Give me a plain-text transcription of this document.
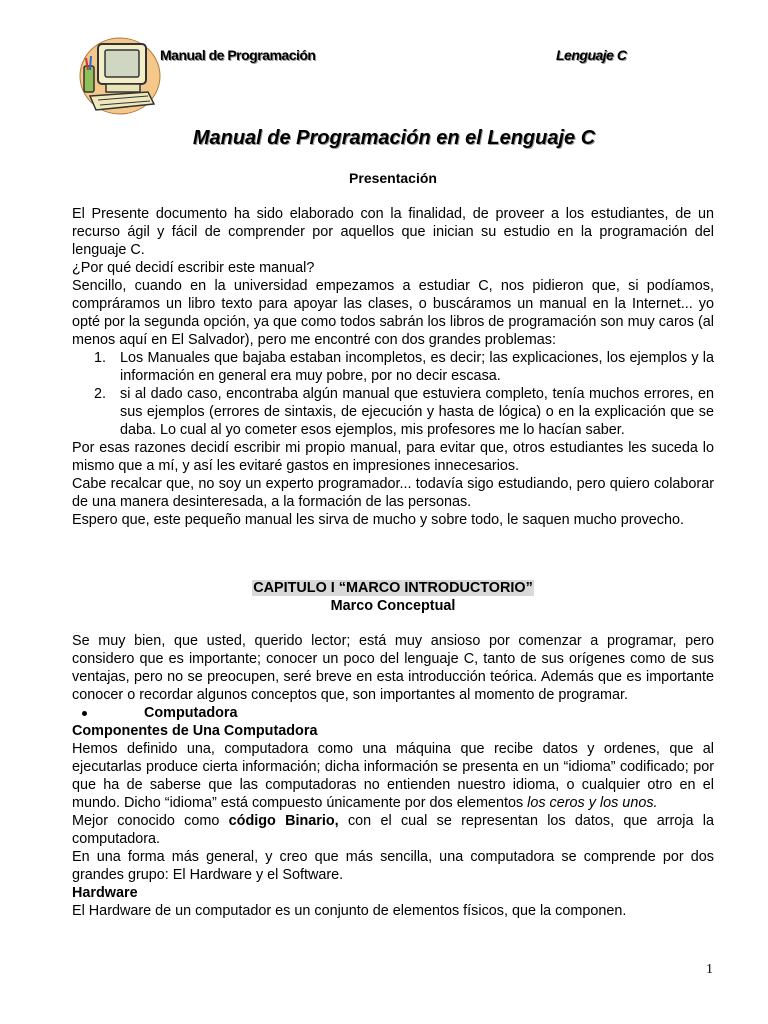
Manual de Programación	Lenguaje C
Manual de Programación en el Lenguaje C
Presentación

El Presente documento ha sido elaborado con la finalidad, de proveer a los estudiantes, de un recurso ágil y fácil de comprender por aquellos que inician su estudio en la programación del lenguaje C.

¿Por qué decidí escribir este manual?

Sencillo, cuando en la universidad empezamos a estudiar C, nos pidieron que, si podíamos, compráramos un libro texto para apoyar las clases, o buscáramos un manual en la Internet... yo opté por la segunda opción, ya que como todos sabrán los libros de programación son muy caros (al menos aquí en El Salvador), pero me encontré con dos grandes problemas:

1. Los Manuales que bajaba estaban incompletos, es decir; las explicaciones, los ejemplos y la información en general era muy pobre, por no decir escasa.
2. si al dado caso, encontraba algún manual que estuviera completo, tenía muchos errores, en sus ejemplos (errores de sintaxis, de ejecución y hasta de lógica) o en la explicación que se daba. Lo cual al yo cometer esos ejemplos, mis profesores me lo hacían saber.

Por esas razones decidí escribir mi propio manual, para evitar que, otros estudiantes les suceda lo mismo que a mí, y así les evitaré gastos en impresiones innecesarios.

Cabe recalcar que, no soy un experto programador... todavía sigo estudiando, pero quiero colaborar de una manera desinteresada, a la formación de las personas.

Espero que, este pequeño manual les sirva de mucho y sobre todo, le saquen mucho provecho.

CAPITULO I “MARCO INTRODUCTORIO”
Marco Conceptual

Se muy bien, que usted, querido lector; está muy ansioso por comenzar a programar, pero considero que es importante; conocer un poco del lenguaje C, tanto de sus orígenes como de sus ventajas, pero no se preocupen, seré breve en esta introducción teórica. Además que es importante conocer o recordar algunos conceptos que, son importantes al momento de programar.

Computadora
Componentes de Una Computadora

Hemos definido una, computadora como una máquina que recibe datos y ordenes, que al ejecutarlas produce cierta información; dicha información se presenta en un “idioma” codificado; por que ha de saberse que las computadoras no entienden nuestro idioma, o cualquier otro en el mundo. Dicho “idioma” está compuesto únicamente por dos elementos los ceros y los unos.

Mejor conocido como código Binario, con el cual se representan los datos, que arroja la computadora.

En una forma más general, y creo que más sencilla, una computadora se comprende por dos grandes grupo: El Hardware y el Software.

Hardware

El Hardware de un computador es un conjunto de elementos físicos, que la componen.

1
